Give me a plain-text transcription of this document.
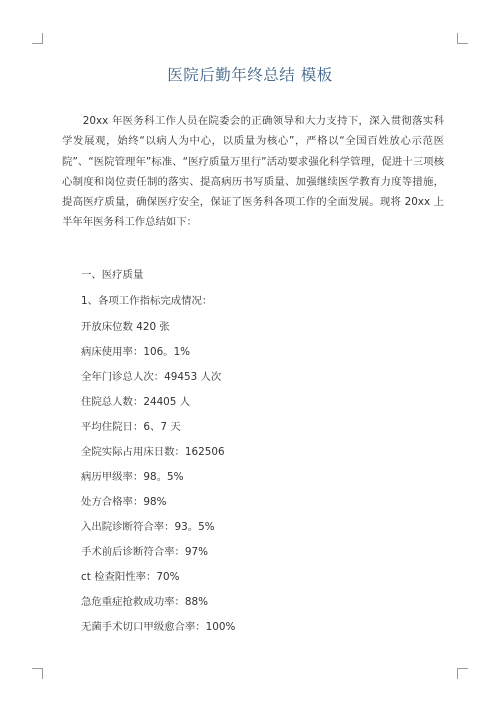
医院后勤年终总结 模板

20xx 年医务科工作人员在院委会的正确领导和大力支持下，深入贯彻落实科学发展观，始终“以病人为中心，以质量为核心”，严格以“全国百姓放心示范医院”、“医院管理年”标准、“医疗质量万里行”活动要求强化科学管理，促进十三项核心制度和岗位责任制的落实、提高病历书写质量、加强继续医学教育力度等措施，提高医疗质量，确保医疗安全，保证了医务科各项工作的全面发展。现将 20xx 上半年年医务科工作总结如下：

一、医疗质量
1、各项工作指标完成情况：
开放床位数 420 张
病床使用率：106。1%
全年门诊总人次：49453 人次
住院总人数：24405 人
平均住院日：6、7 天
全院实际占用床日数：162506
病历甲级率：98。5%
处方合格率：98%
入出院诊断符合率：93。5%
手术前后诊断符合率：97%
ct 检查阳性率：70%
急危重症抢救成功率：88%
无菌手术切口甲级愈合率：100%
